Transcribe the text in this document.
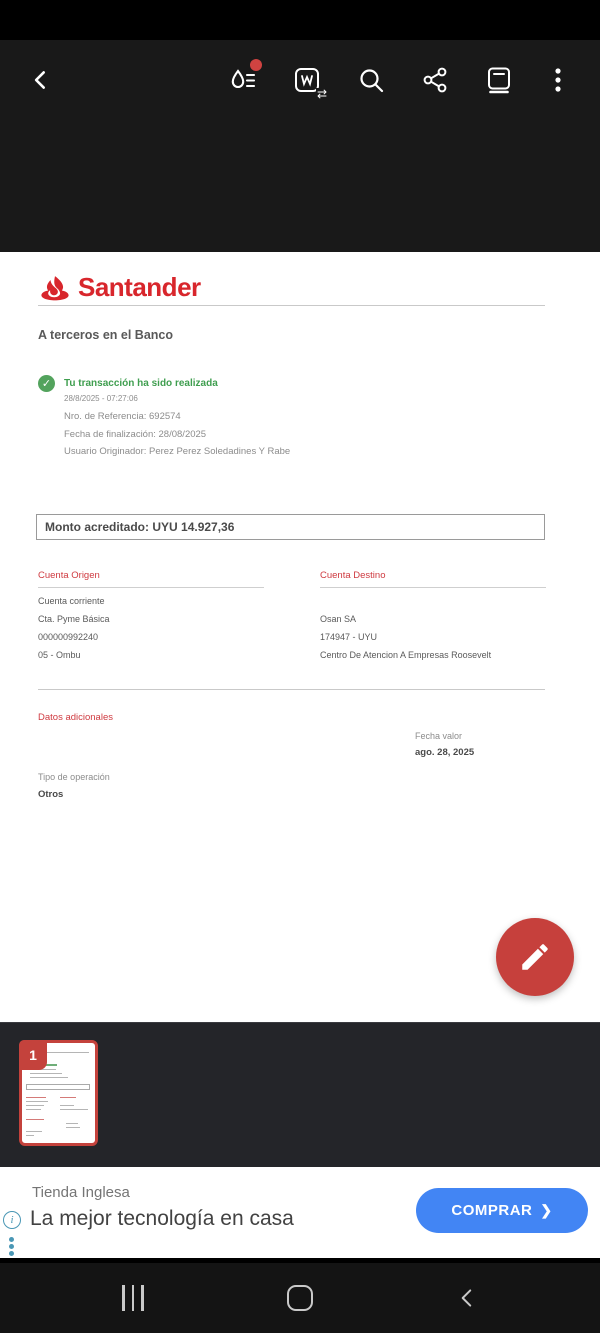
⇄
Santander
A terceros en el Banco
✓	Tu transacción ha sido realizada
28/8/2025 - 07:27:06
Nro. de Referencia: 692574
Fecha de finalización: 28/08/2025
Usuario Originador: Perez Perez Soledadines Y Rabe
Monto acreditado: UYU 14.927,36
Cuenta Origen
Cuenta corriente
Cta. Pyme Básica
000000992240
05 - Ombu
Cuenta Destino
Osan SA
174947 - UYU
Centro De Atencion A Empresas Roosevelt
Datos adicionales
Fecha valor
ago. 28, 2025
Tipo de operación
Otros
1
i
Tienda Inglesa
La mejor tecnología en casa	COMPRAR ❯
